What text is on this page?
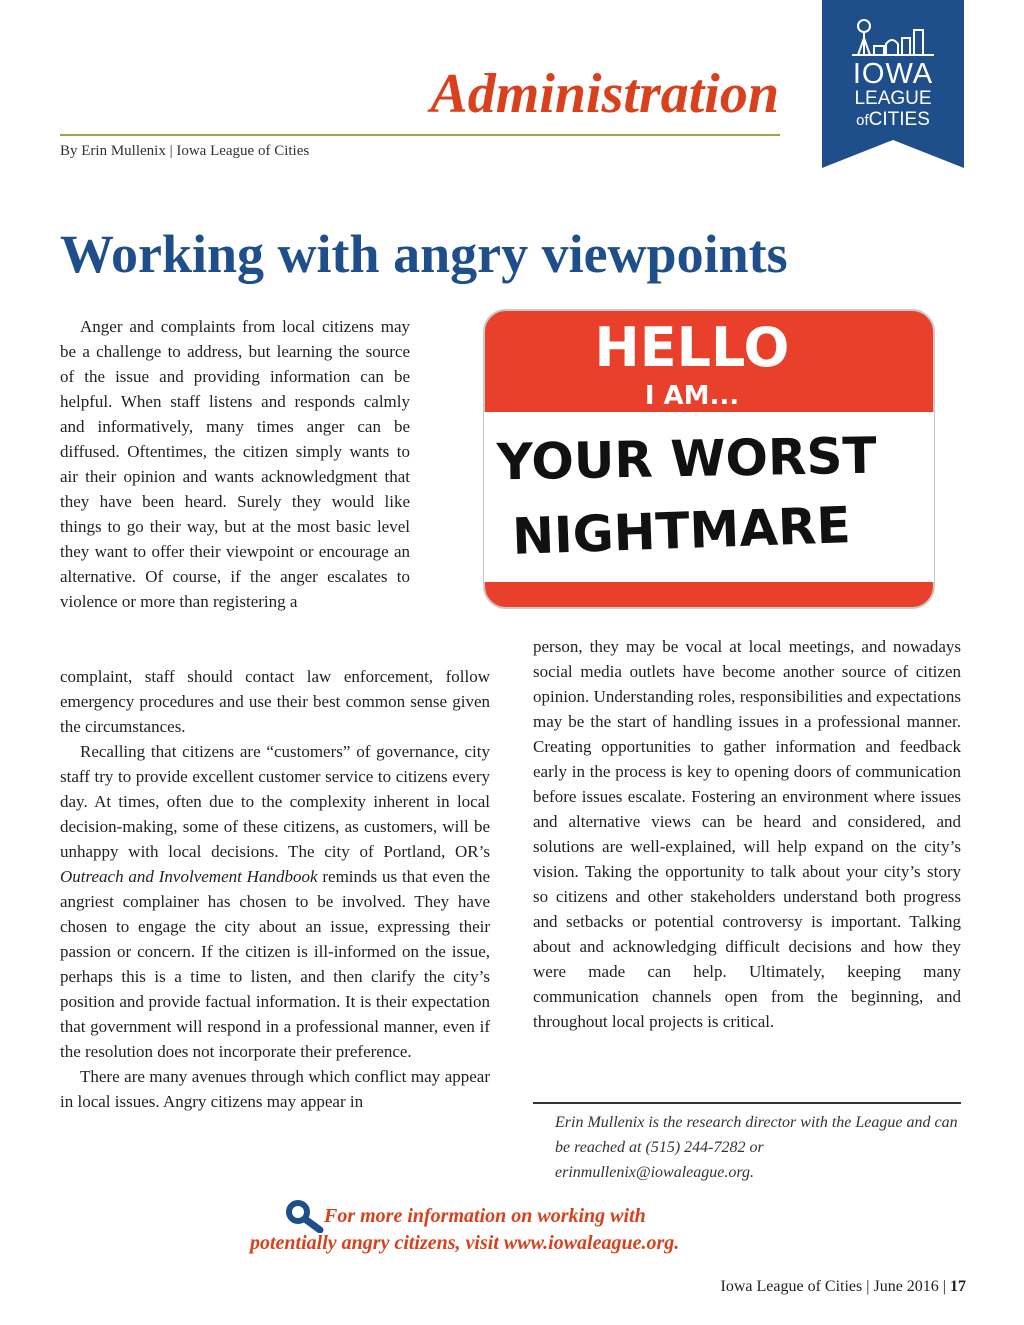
Administration
By Erin Mullenix | Iowa League of Cities
IOWA
LEAGUE
ofCITIES
Working with angry viewpoints

Anger and complaints from local citizens may be a challenge to address, but learning the source of the issue and providing information can be helpful. When staff listens and responds calmly and informatively, many times anger can be diffused. Oftentimes, the citizen simply wants to air their opinion and wants acknowledgment that they have been heard. Surely they would like things to go their way, but at the most basic level they want to offer their viewpoint or encourage an alternative. Of course, if the anger escalates to violence or more than registering a

HELLO
I AM...
YOUR WORST
NIGHTMARE

complaint, staff should contact law enforcement, follow emergency procedures and use their best common sense given the circumstances.

Recalling that citizens are “customers” of governance, city staff try to provide excellent customer service to citizens every day. At times, often due to the complexity inherent in local decision-making, some of these citizens, as customers, will be unhappy with local decisions. The city of Portland, OR’s Outreach and Involvement Handbook reminds us that even the angriest complainer has chosen to be involved. They have chosen to engage the city about an issue, expressing their passion or concern. If the citizen is ill-informed on the issue, perhaps this is a time to listen, and then clarify the city’s position and provide factual information. It is their expectation that government will respond in a professional manner, even if the resolution does not incorporate their preference.

There are many avenues through which conflict may appear in local issues. Angry citizens may appear in

person, they may be vocal at local meetings, and nowadays social media outlets have become another source of citizen opinion. Understanding roles, responsibilities and expectations may be the start of handling issues in a professional manner. Creating opportunities to gather information and feedback early in the process is key to opening doors of communication before issues escalate. Fostering an environment where issues and alternative views can be heard and considered, and solutions are well-explained, will help expand on the city’s vision. Taking the opportunity to talk about your city’s story so citizens and other stakeholders understand both progress and setbacks or potential controversy is important. Talking about and acknowledging difficult decisions and how they were made can help. Ultimately, keeping many communication channels open from the beginning, and throughout local projects is critical.

Erin Mullenix is the research director with the League and can be reached at (515) 244-7282 or erinmullenix@iowaleague.org.

For more information on working with
potentially angry citizens, visit www.iowaleague.org.
Iowa League of Cities | June 2016 | 17
